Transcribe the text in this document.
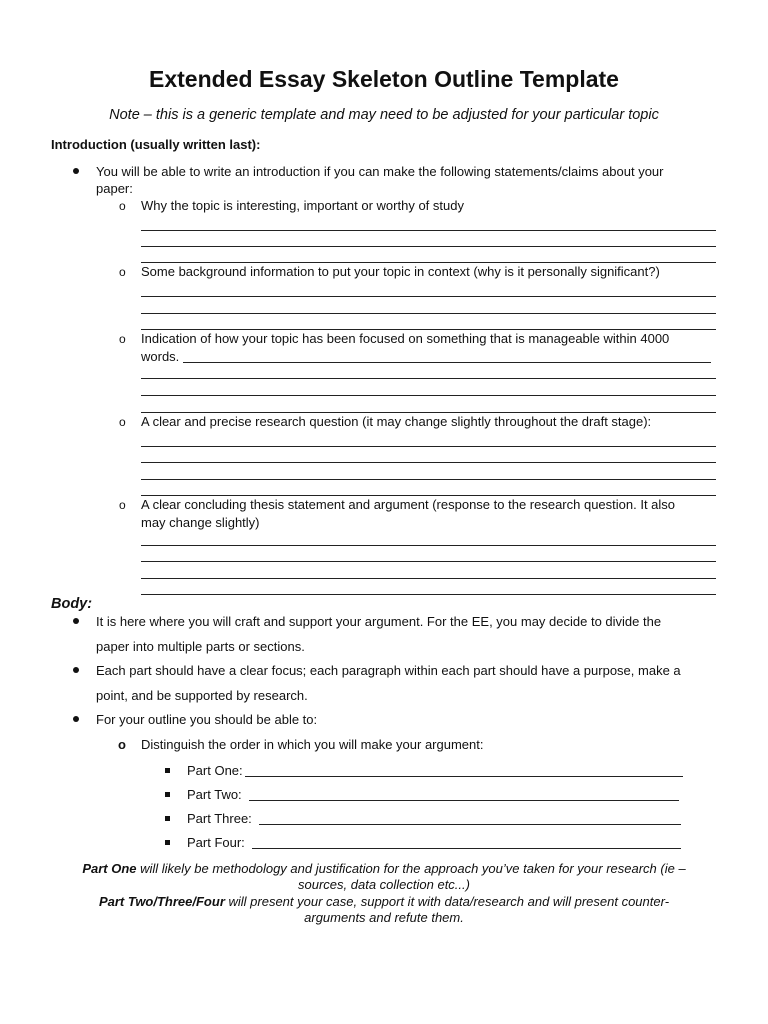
Extended Essay Skeleton Outline Template
Note – this is a generic template and may need to be adjusted for your particular topic
Introduction (usually written last):
You will be able to write an introduction if you can make the following statements/claims about your
paper:
o Why the topic is interesting, important or worthy of study
o Some background information to put your topic in context (why is it personally significant?)
o Indication of how your topic has been focused on something that is manageable within 4000
words.
o A clear and precise research question (it may change slightly throughout the draft stage):
o A clear concluding thesis statement and argument (response to the research question. It also
may change slightly)
Body:
It is here where you will craft and support your argument. For the EE, you may decide to divide the
paper into multiple parts or sections.
Each part should have a clear focus; each paragraph within each part should have a purpose, make a
point, and be supported by research.
For your outline you should be able to:
o Distinguish the order in which you will make your argument:
Part One:
Part Two:
Part Three:
Part Four:
Part One will likely be methodology and justification for the approach you’ve taken for your research (ie –
sources, data collection etc...)
Part Two/Three/Four will present your case, support it with data/research and will present counter-
arguments and refute them.
